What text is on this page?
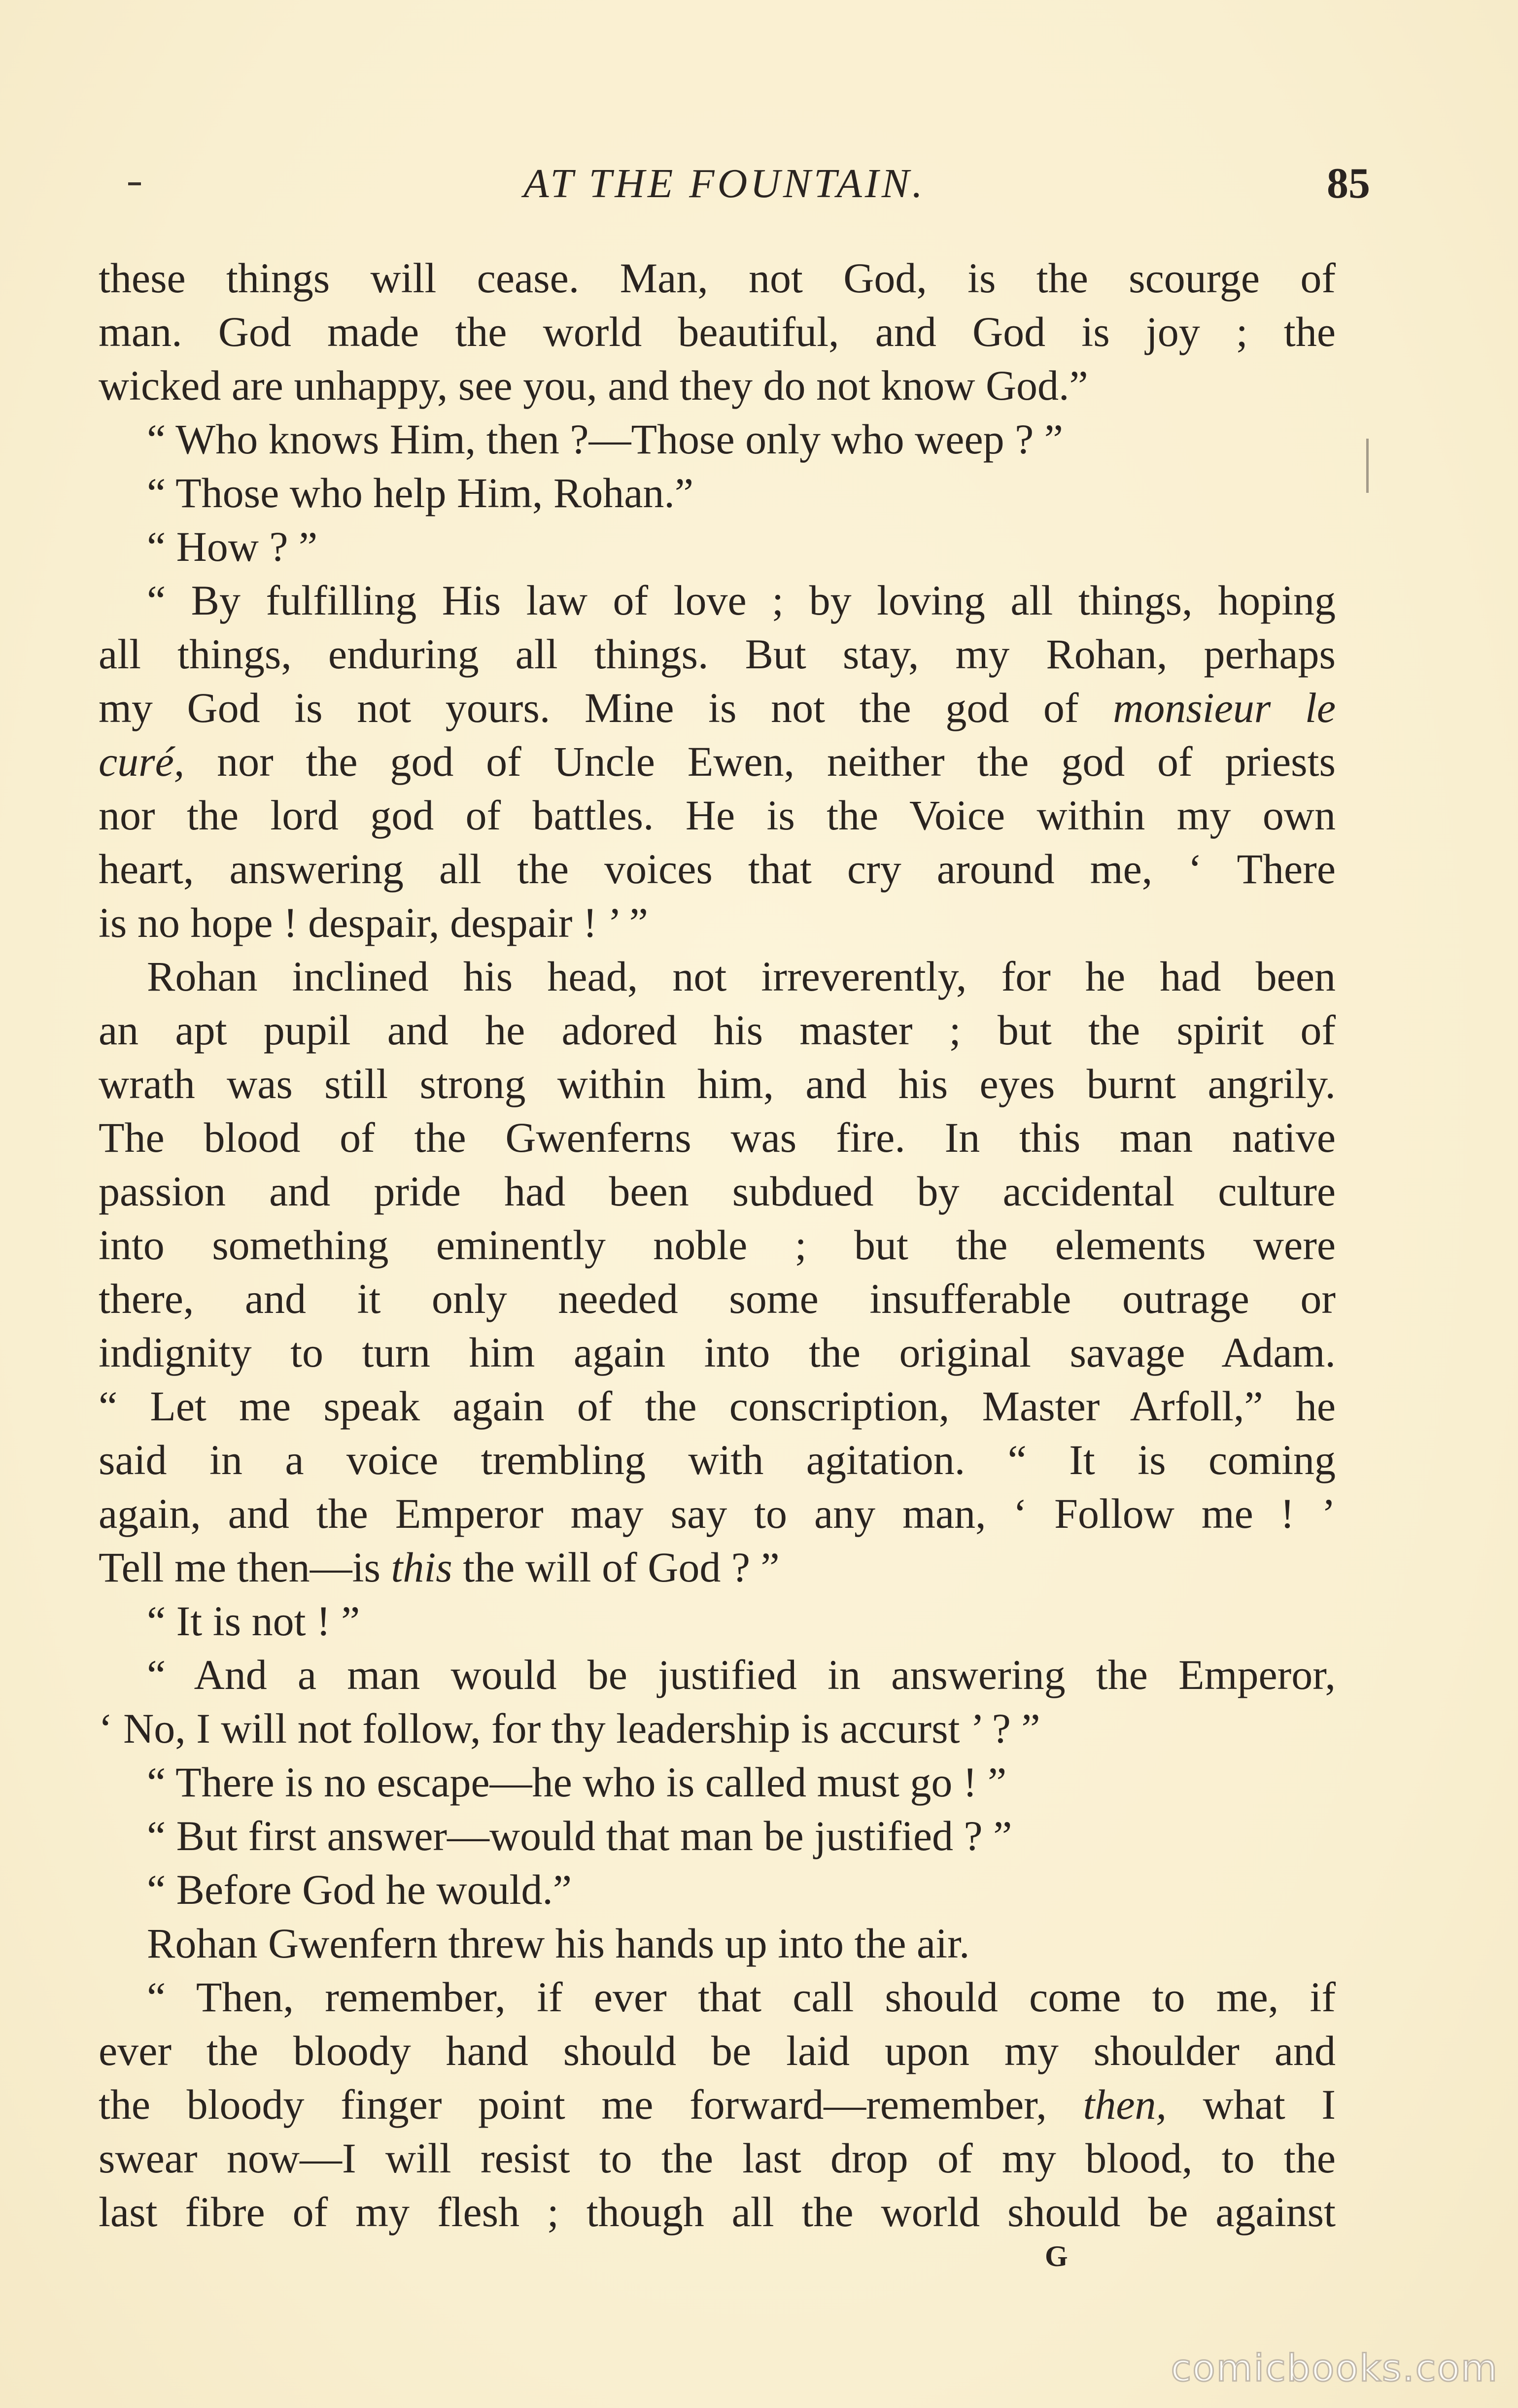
AT THE FOUNTAIN.	85
these things will cease. Man, not God, is the scourge of
man. God made the world beautiful, and God is joy ; the
wicked are unhappy, see you, and they do not know God.”
“ Who knows Him, then ?—Those only who weep ? ”
“ Those who help Him, Rohan.”
“ How ? ”
“ By fulfilling His law of love ; by loving all things, hoping
all things, enduring all things. But stay, my Rohan, perhaps
my God is not yours. Mine is not the god of monsieur le
curé, nor the god of Uncle Ewen, neither the god of priests
nor the lord god of battles. He is the Voice within my own
heart, answering all the voices that cry around me, ‘ There
is no hope ! despair, despair ! ’ ”
Rohan inclined his head, not irreverently, for he had been
an apt pupil and he adored his master ; but the spirit of
wrath was still strong within him, and his eyes burnt angrily.
The blood of the Gwenferns was fire. In this man native
passion and pride had been subdued by accidental culture
into something eminently noble ; but the elements were
there, and it only needed some insufferable outrage or
indignity to turn him again into the original savage Adam.
“ Let me speak again of the conscription, Master Arfoll,” he
said in a voice trembling with agitation. “ It is coming
again, and the Emperor may say to any man, ‘ Follow me ! ’
Tell me then—is this the will of God ? ”
“ It is not ! ”
“ And a man would be justified in answering the Emperor,
‘ No, I will not follow, for thy leadership is accurst ’ ? ”
“ There is no escape—he who is called must go ! ”
“ But first answer—would that man be justified ? ”
“ Before God he would.”
Rohan Gwenfern threw his hands up into the air.
“ Then, remember, if ever that call should come to me, if
ever the bloody hand should be laid upon my shoulder and
the bloody finger point me forward—remember, then, what I
swear now—I will resist to the last drop of my blood, to the
last fibre of my flesh ; though all the world should be against
G
comicbooks.com
